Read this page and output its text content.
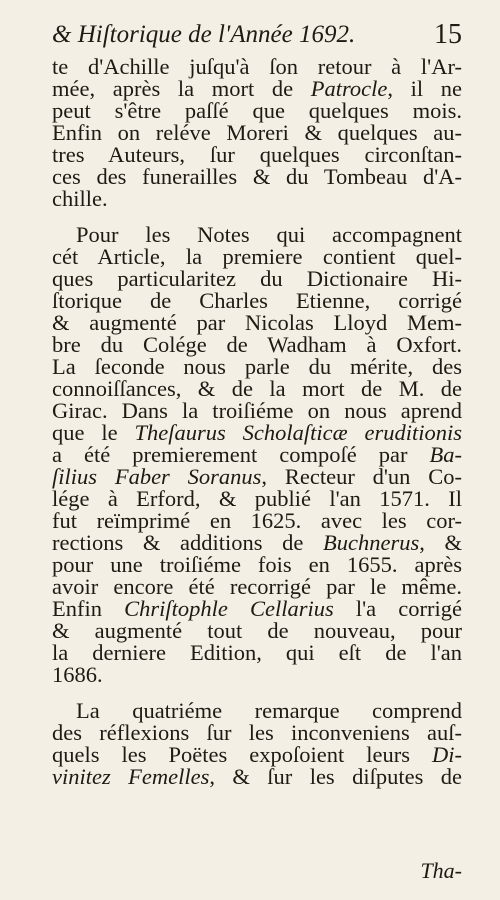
& Hiſtorique de l'Année 1692.	15
te d'Achille juſqu'à ſon retour à l'Ar-
mée, après la mort de Patrocle, il ne
peut s'être paſſé que quelques mois.
Enfin on reléve Moreri & quelques au-
tres Auteurs, ſur quelques circonſtan-
ces des funerailles & du Tombeau d'A-
chille.
Pour les Notes qui accompagnent
cét Article, la premiere contient quel-
ques particularitez du Dictionaire Hi-
ſtorique de Charles Etienne, corrigé
& augmenté par Nicolas Lloyd Mem-
bre du Colége de Wadham à Oxfort.
La ſeconde nous parle du mérite, des
connoiſſances, & de la mort de M. de
Girac. Dans la troiſiéme on nous aprend
que le Theſaurus Scholaſticæ eruditionis
a été premierement compoſé par Ba-
ſilius Faber Soranus, Recteur d'un Co-
lége à Erford, & publié l'an 1571. Il
fut reïmprimé en 1625. avec les cor-
rections & additions de Buchnerus, &
pour une troiſiéme fois en 1655. après
avoir encore été recorrigé par le même.
Enfin Chriſtophle Cellarius l'a corrigé
& augmenté tout de nouveau, pour
la derniere Edition, qui eſt de l'an
1686.
La quatriéme remarque comprend
des réflexions ſur les inconveniens auſ-
quels les Poëtes expoſoient leurs Di-
vinitez Femelles, & ſur les diſputes de
Tha-
